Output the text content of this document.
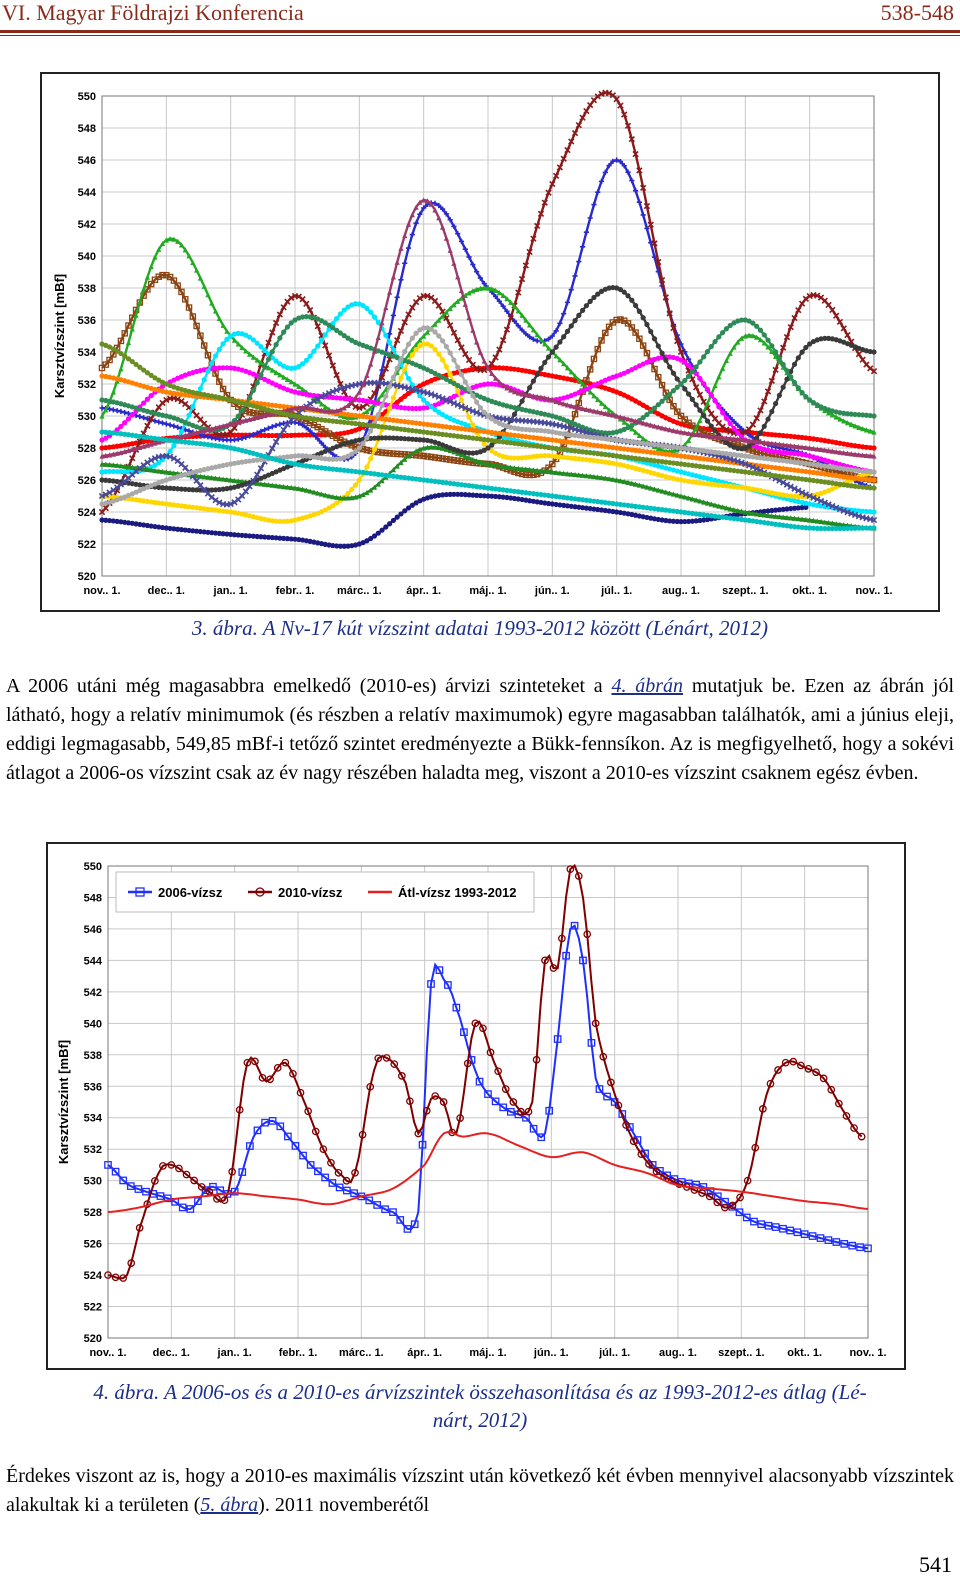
VI. Magyar Földrajzi Konferencia	538-548
520
522
524
526
528
530
532
534
536
538
540
542
544
546
548
550
nov.. 1. dec.. 1.	jan.. 1.	febr.. 1. márc.. 1. ápr.. 1.	máj.. 1.	jún.. 1.	júl.. 1.	aug.. 1. szept.. 1. okt.. 1.	nov.. 1.
Karsztvízszint [mBf]
3. ábra. A Nv-17 kút vízszint adatai 1993-2012 között (Lénárt, 2012)
A 2006 utáni még magasabbra emelkedő (2010-es) árvizi szinteteket a 4. ábrán mutatjuk be. Ezen az ábrán jól látható, hogy a relatív minimumok (és részben a relatív maximumok) egyre magasabban találhatók, ami a június eleji, eddigi legmagasabb, 549,85 mBf-i tetőző szintet eredményezte a Bükk-fennsíkon. Az is megfigyelhető, hogy a sokévi átlagot a 2006-os vízszint csak az év nagy részében haladta meg, viszont a 2010-es vízszint csaknem egész évben.
520
522
524
526
528
530
532
534
536
538
540
542
544
546
548
550
nov.. 1. dec.. 1.	jan.. 1. febr.. 1. márc.. 1. ápr.. 1. máj.. 1. jún.. 1.	júl.. 1.	aug.. 1. szept.. 1. okt.. 1. nov.. 1.
Karsztvízszint [mBf]
2006-vízsz	2010-vízsz	Átl-vízsz 1993-2012
4. ábra. A 2006-os és a 2010-es árvízszintek összehasonlítása és az 1993-2012-es átlag (Lé-
nárt, 2012)
Érdekes viszont az is, hogy a 2010-es maximális vízszint után következő két évben mennyivel alacsonyabb vízszintek alakultak ki a területen (5. ábra). 2011 novemberétől
541
